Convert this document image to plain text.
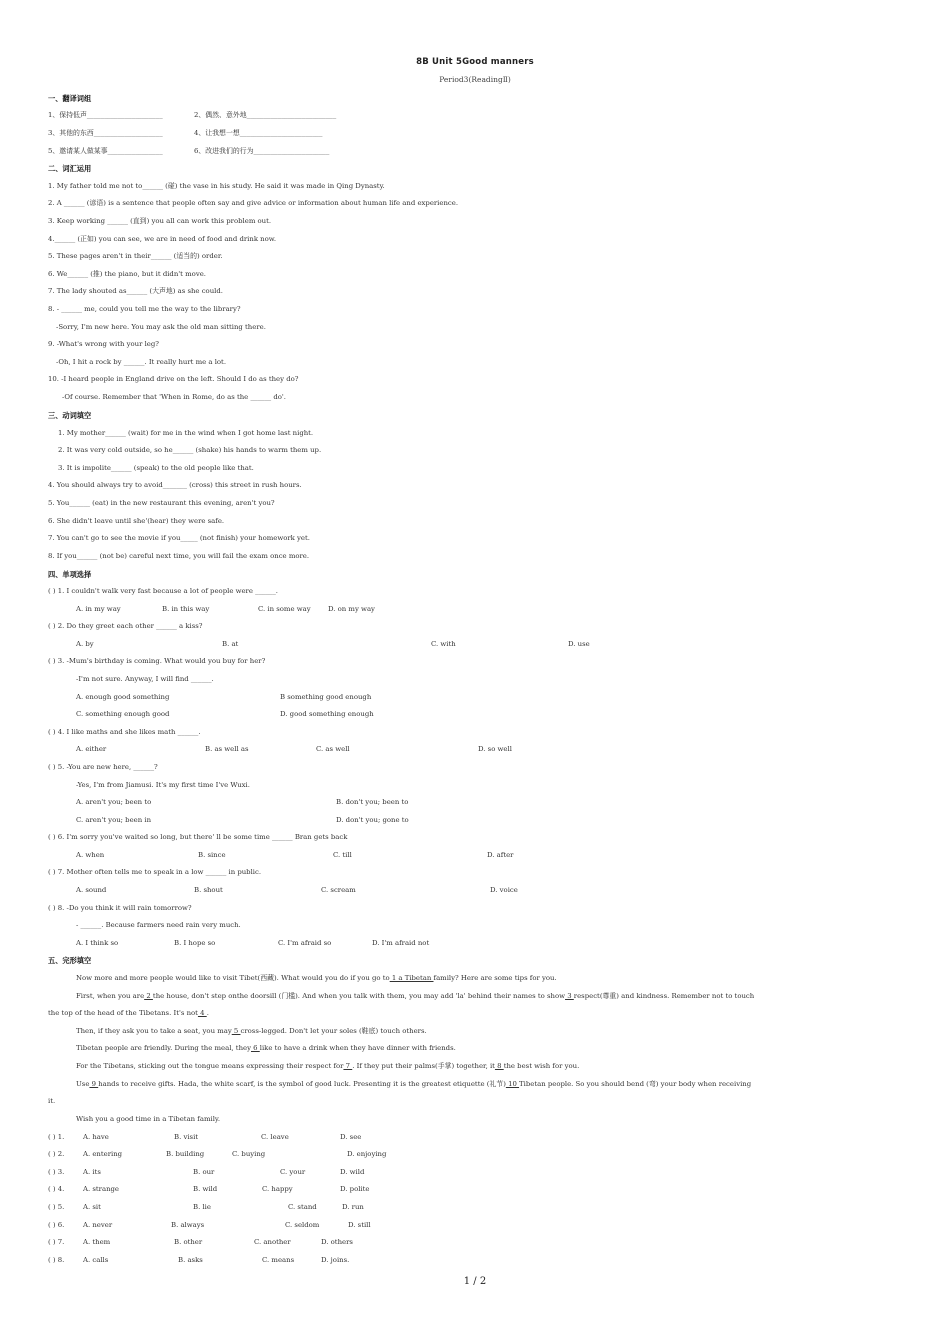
8B Unit 5Good manners
Period3(ReadingⅡ)
一、翻译词组
1、保持低声______________________	2、偶然、意外地__________________________
3、其他的东西____________________	4、让我想一想________________________
5、邀请某人做某事________________	6、改进我们的行为______________________
二、词汇运用
1. My father told me not to______ (碰) the vase in his study. He said it was made in Qing Dynasty.
2. A ______ (谚语) is a sentence that people often say and give advice or information about human life and experience.
3. Keep working ______ (直到) you all can work this problem out.
4.______ (正如) you can see, we are in need of food and drink now.
5. These pages aren't in their______ (适当的) order.
6. We______ (推) the piano, but it didn't move.
7. The lady shouted as______ (大声地) as she could.
8. - ______ me, could you tell me the way to the library?
-Sorry, I'm new here. You may ask the old man sitting there.
9. -What's wrong with your leg?
-Oh, I hit a rock by ______. It really hurt me a lot.
10. -I heard people in England drive on the left. Should I do as they do?
-Of course. Remember that 'When in Rome, do as the ______ do'.
三、动词填空
1. My mother______ (wait) for me in the wind when I got home last night.
2. It was very cold outside, so he______ (shake) his hands to warm them up.
3. It is impolite______ (speak) to the old people like that.
4. You should always try to avoid_______ (cross) this street in rush hours.
5. You______ (eat) in the new restaurant this evening, aren't you?
6. She didn't leave until she'(hear) they were safe.
7. You can't go to see the movie if you_____ (not finish) your homework yet.
8. If you______ (not be) careful next time, you will fail the exam once more.
四、单项选择
( ) 1. I couldn't walk very fast because a lot of people were ______.
A. in my way	B. in this way	C. in some way	D. on my way
( ) 2. Do they greet each other ______ a kiss?
A. by	B. at	C. with	D. use
( ) 3. -Mum's birthday is coming. What would you buy for her?
-I'm not sure. Anyway, I will find ______.
A. enough good something	B something good enough
C. something enough good	D. good something enough
( ) 4. I like maths and she likes math ______.
A. either	B. as well as	C. as well	D. so well
( ) 5. -You are new here, ______?
-Yes, I'm from Jiamusi. It's my first time I've Wuxi.
A. aren't you; been to	B. don't you; been to
C. aren't you; been in	D. don't you; gone to
( ) 6. I'm sorry you've waited so long, but there' ll be some time ______ Bran gets back
A. when	B. since	C. till	D. after
( ) 7. Mother often tells me to speak in a low ______ in public.
A. sound	B. shout	C. scream	D. voice
( ) 8. -Do you think it will rain tomorrow?
- ______. Because farmers need rain very much.
A. I think so	B. I hope so	C. I'm afraid so	D. I'm afraid not
五、完形填空
Now more and more people would like to visit Tibet(西藏). What would you do if you go to 1 a Tibetan family? Here are some tips for you.
First, when you are 2 the house, don't step onthe doorsill (门槛). And when you talk with them, you may add 'la' behind their names to show 3 respect(尊重) and kindness. Remember not to touch
the top of the head of the Tibetans. It's not 4 .
Then, if they ask you to take a seat, you may 5 cross-legged. Don't let your soles (鞋底) touch others.
Tibetan people are friendly. During the meal, they 6 like to have a drink when they have dinner with friends.
For the Tibetans, sticking out the tongue means expressing their respect for 7 . If they put their palms(手掌) together, it 8 the best wish for you.
Use 9 hands to receive gifts. Hada, the white scarf, is the symbol of good luck. Presenting it is the greatest etiquette (礼节) 10 Tibetan people. So you should bend (弯) your body when receiving
it.
Wish you a good time in a Tibetan family.
( ) 1.	A. have	B. visit	C. leave	D. see
( ) 2.	A. entering	B. building	C. buying	D. enjoying
( ) 3.	A. its	B. our	C. your	D. wild
( ) 4.	A. strange	B. wild	C. happy	D. polite
( ) 5.	A. sit	B. lie	C. stand	D. run
( ) 6.	A. never	B. always	C. seldom	D. still
( ) 7.	A. them	B. other	C. another	D. others
( ) 8.	A. calls	B. asks	C. means	D. joins.
1 / 2
